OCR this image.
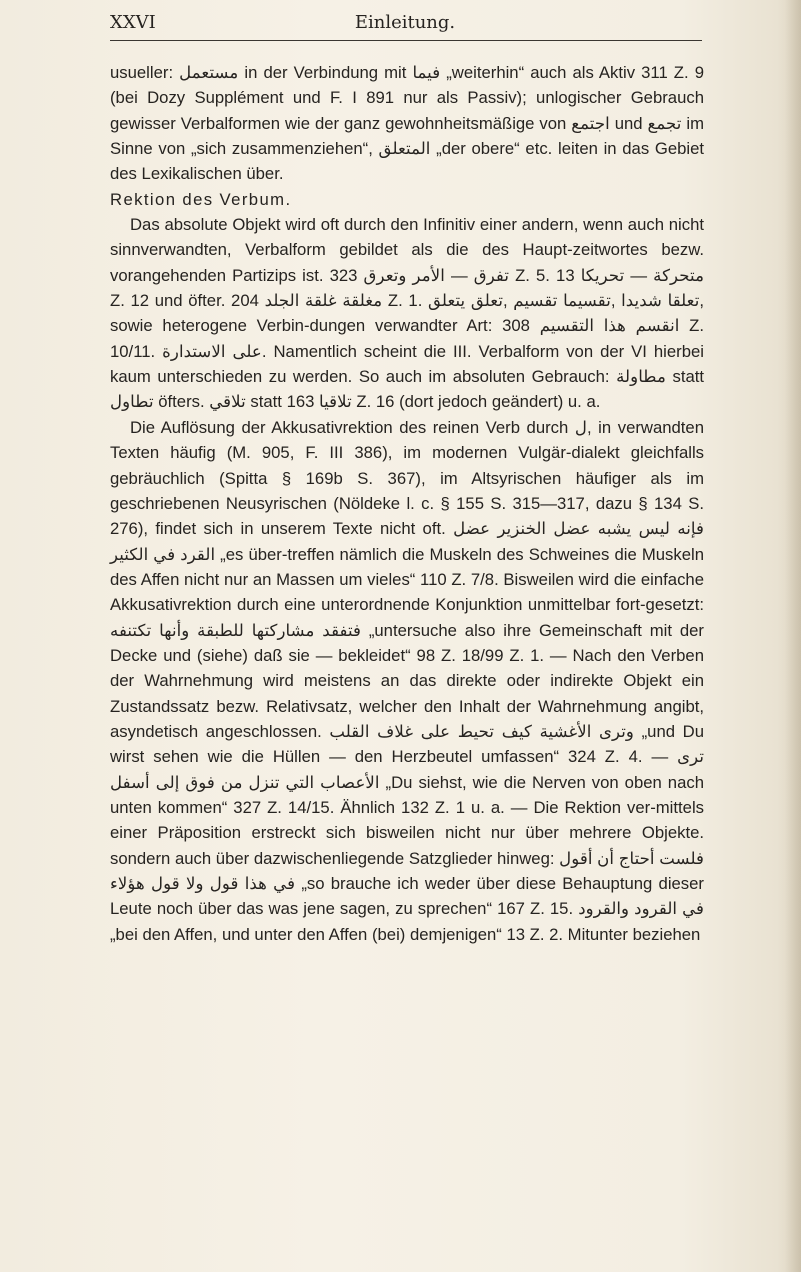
XXVI	Einleitung.

usueller: مستعمل in der Verbindung mit فيما „weiterhin“ auch als Aktiv 311 Z. 9 (bei Dozy Supplément und F. I 891 nur als Passiv); unlogischer Gebrauch gewisser Verbalformen wie der ganz gewohnheitsmäßige von اجتمع und تجمع im Sinne von „sich zusammenziehen“, المتعلق „der obere“ etc. leiten in das Gebiet des Lexikalischen über.

Rektion des Verbum.

Das absolute Objekt wird oft durch den Infinitiv einer andern, wenn auch nicht sinnverwandten, Verbalform gebildet als die des Haupt-zeitwortes bezw. vorangehenden Partizips ist. تفرق — الأمر وتعرق 323 Z. 5. متحركة — تحريكا 13 Z. 12 und öfter. مغلقة غلقة الجلد 204 Z. 1. تعلقا شديدا ,تقسيما تقسيم ,تعلق يتعلق, sowie heterogene Verbin-dungen verwandter Art: انقسم هذا التقسيم 308 Z. 10/11. على الاستدارة. Namentlich scheint die III. Verbalform von der VI hierbei kaum unterschieden zu werden. So auch im absoluten Gebrauch: مطاولة statt تطاول öfters. تلاقي statt تلاقيا 163 Z. 16 (dort jedoch geändert) u. a.

Die Auflösung der Akkusativrektion des reinen Verb durch ل, in verwandten Texten häufig (M. 905, F. III 386), im modernen Vulgär-dialekt gleichfalls gebräuchlich (Spitta § 169b S. 367), im Altsyrischen häufiger als im geschriebenen Neusyrischen (Nöldeke l. c. § 155 S. 315—317, dazu § 134 S. 276), findet sich in unserem Texte nicht oft. فإنه ليس يشبه عضل الخنزير عضل القرد في الكثير „es über-treffen nämlich die Muskeln des Schweines die Muskeln des Affen nicht nur an Massen um vieles“ 110 Z. 7/8. Bisweilen wird die einfache Akkusativrektion durch eine unterordnende Konjunktion unmittelbar fort-gesetzt: فتفقد مشاركتها للطبقة وأنها تكتنفه „untersuche also ihre Gemeinschaft mit der Decke und (siehe) daß sie — bekleidet“ 98 Z. 18/99 Z. 1. — Nach den Verben der Wahrnehmung wird meistens an das direkte oder indirekte Objekt ein Zustandssatz bezw. Relativsatz, welcher den Inhalt der Wahrnehmung angibt, asyndetisch angeschlossen. وترى الأغشية كيف تحيط على غلاف القلب „und Du wirst sehen wie die Hüllen — den Herzbeutel umfassen“ 324 Z. 4. ترى — الأعصاب التي تنزل من فوق إلى أسفل „Du siehst, wie die Nerven von oben nach unten kommen“ 327 Z. 14/15. Ähnlich 132 Z. 1 u. a. — Die Rektion ver-mittels einer Präposition erstreckt sich bisweilen nicht nur über mehrere Objekte. sondern auch über dazwischenliegende Satzglieder hinweg: فلست أحتاج أن أقول في هذا قول ولا قول هؤلاء „so brauche ich weder über diese Behauptung dieser Leute noch über das was jene sagen, zu sprechen“ 167 Z. 15. في القرود والقرود „bei den Affen, und unter den Affen (bei) demjenigen“ 13 Z. 2. Mitunter beziehen
